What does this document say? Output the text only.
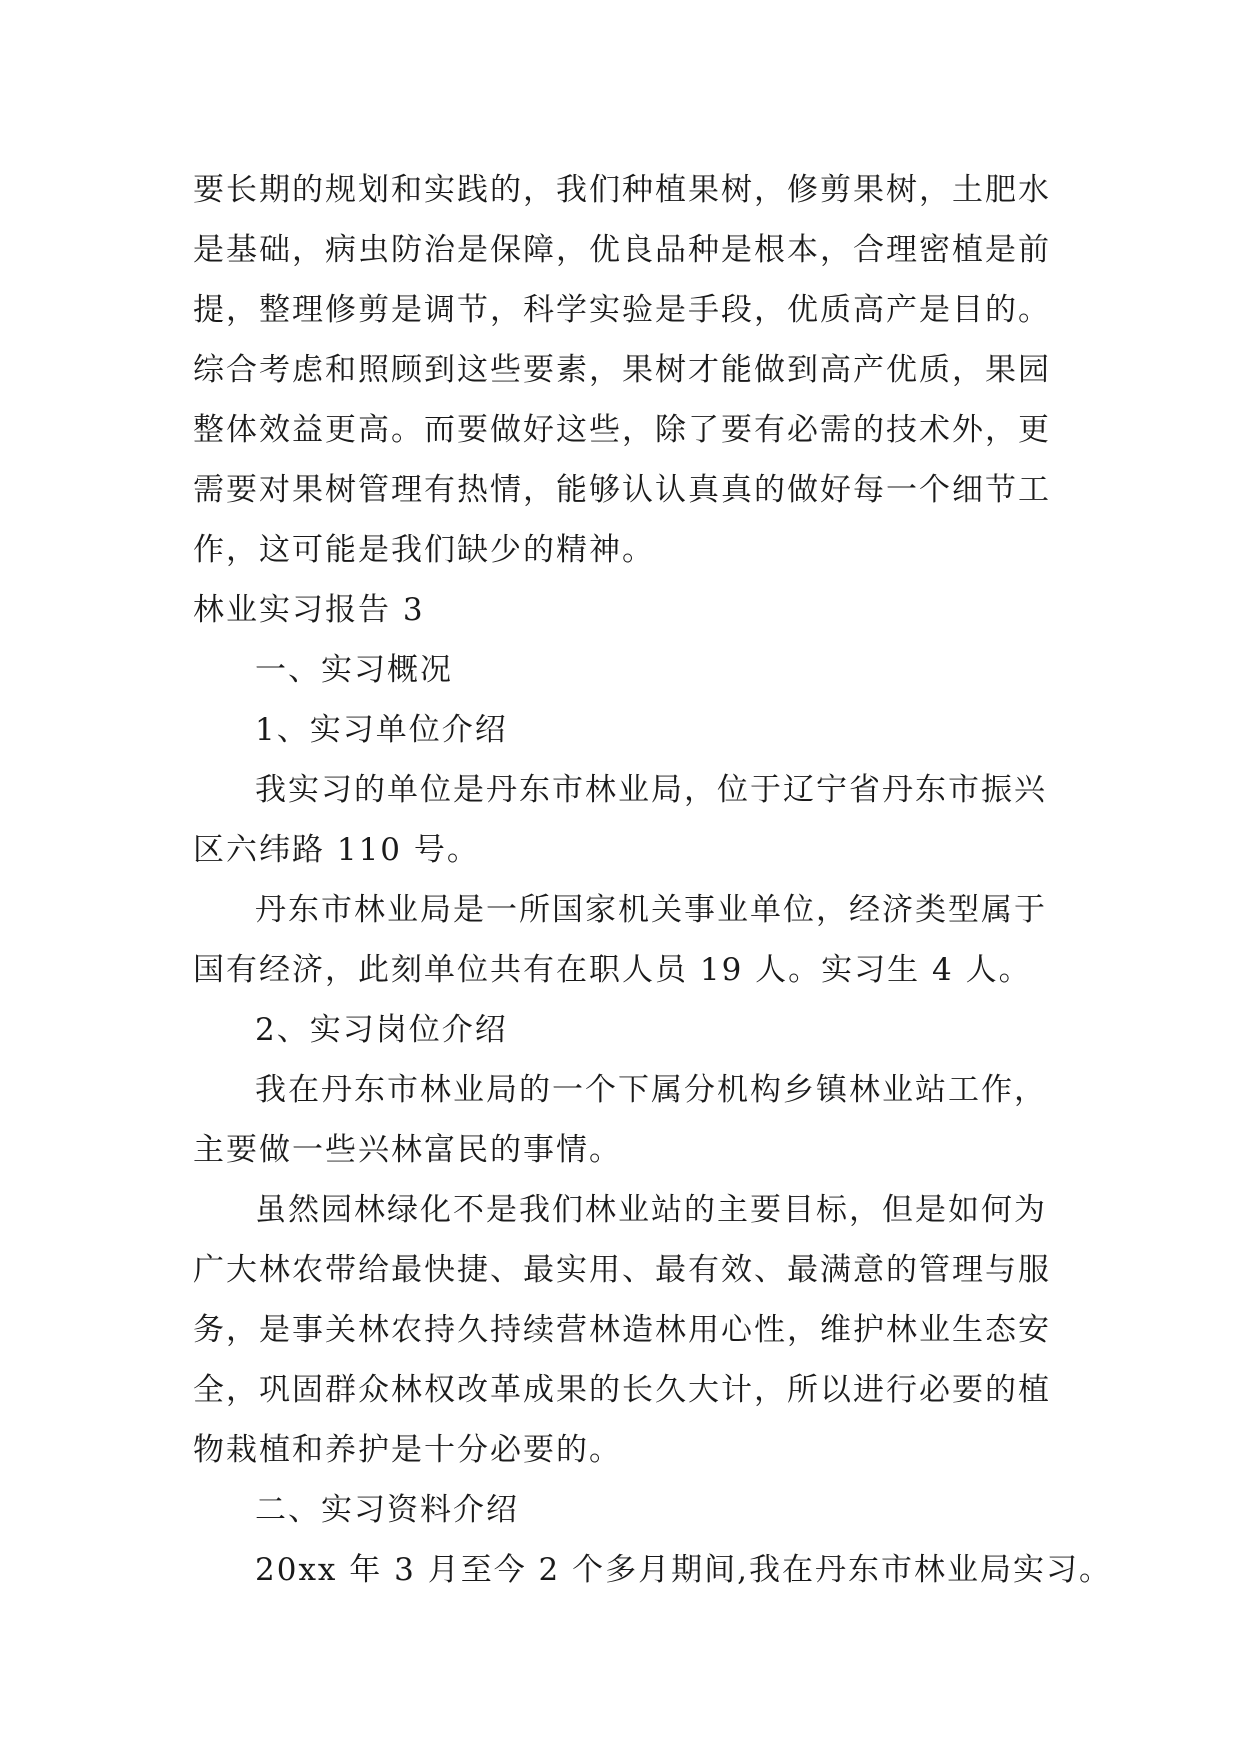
要长期的规划和实践的，我们种植果树，修剪果树，土肥水
是基础，病虫防治是保障，优良品种是根本，合理密植是前
提，整理修剪是调节，科学实验是手段，优质高产是目的。
综合考虑和照顾到这些要素，果树才能做到高产优质，果园
整体效益更高。而要做好这些，除了要有必需的技术外，更
需要对果树管理有热情，能够认认真真的做好每一个细节工
作，这可能是我们缺少的精神。
林业实习报告 3
一、实习概况
1、实习单位介绍
我实习的单位是丹东市林业局，位于辽宁省丹东市振兴
区六纬路 110 号。
丹东市林业局是一所国家机关事业单位，经济类型属于
国有经济，此刻单位共有在职人员 19 人。实习生 4 人。
2、实习岗位介绍
我在丹东市林业局的一个下属分机构乡镇林业站工作，
主要做一些兴林富民的事情。
虽然园林绿化不是我们林业站的主要目标，但是如何为
广大林农带给最快捷、最实用、最有效、最满意的管理与服
务，是事关林农持久持续营林造林用心性，维护林业生态安
全，巩固群众林权改革成果的长久大计，所以进行必要的植
物栽植和养护是十分必要的。
二、实习资料介绍
20xx 年 3 月至今 2 个多月期间,我在丹东市林业局实习。
